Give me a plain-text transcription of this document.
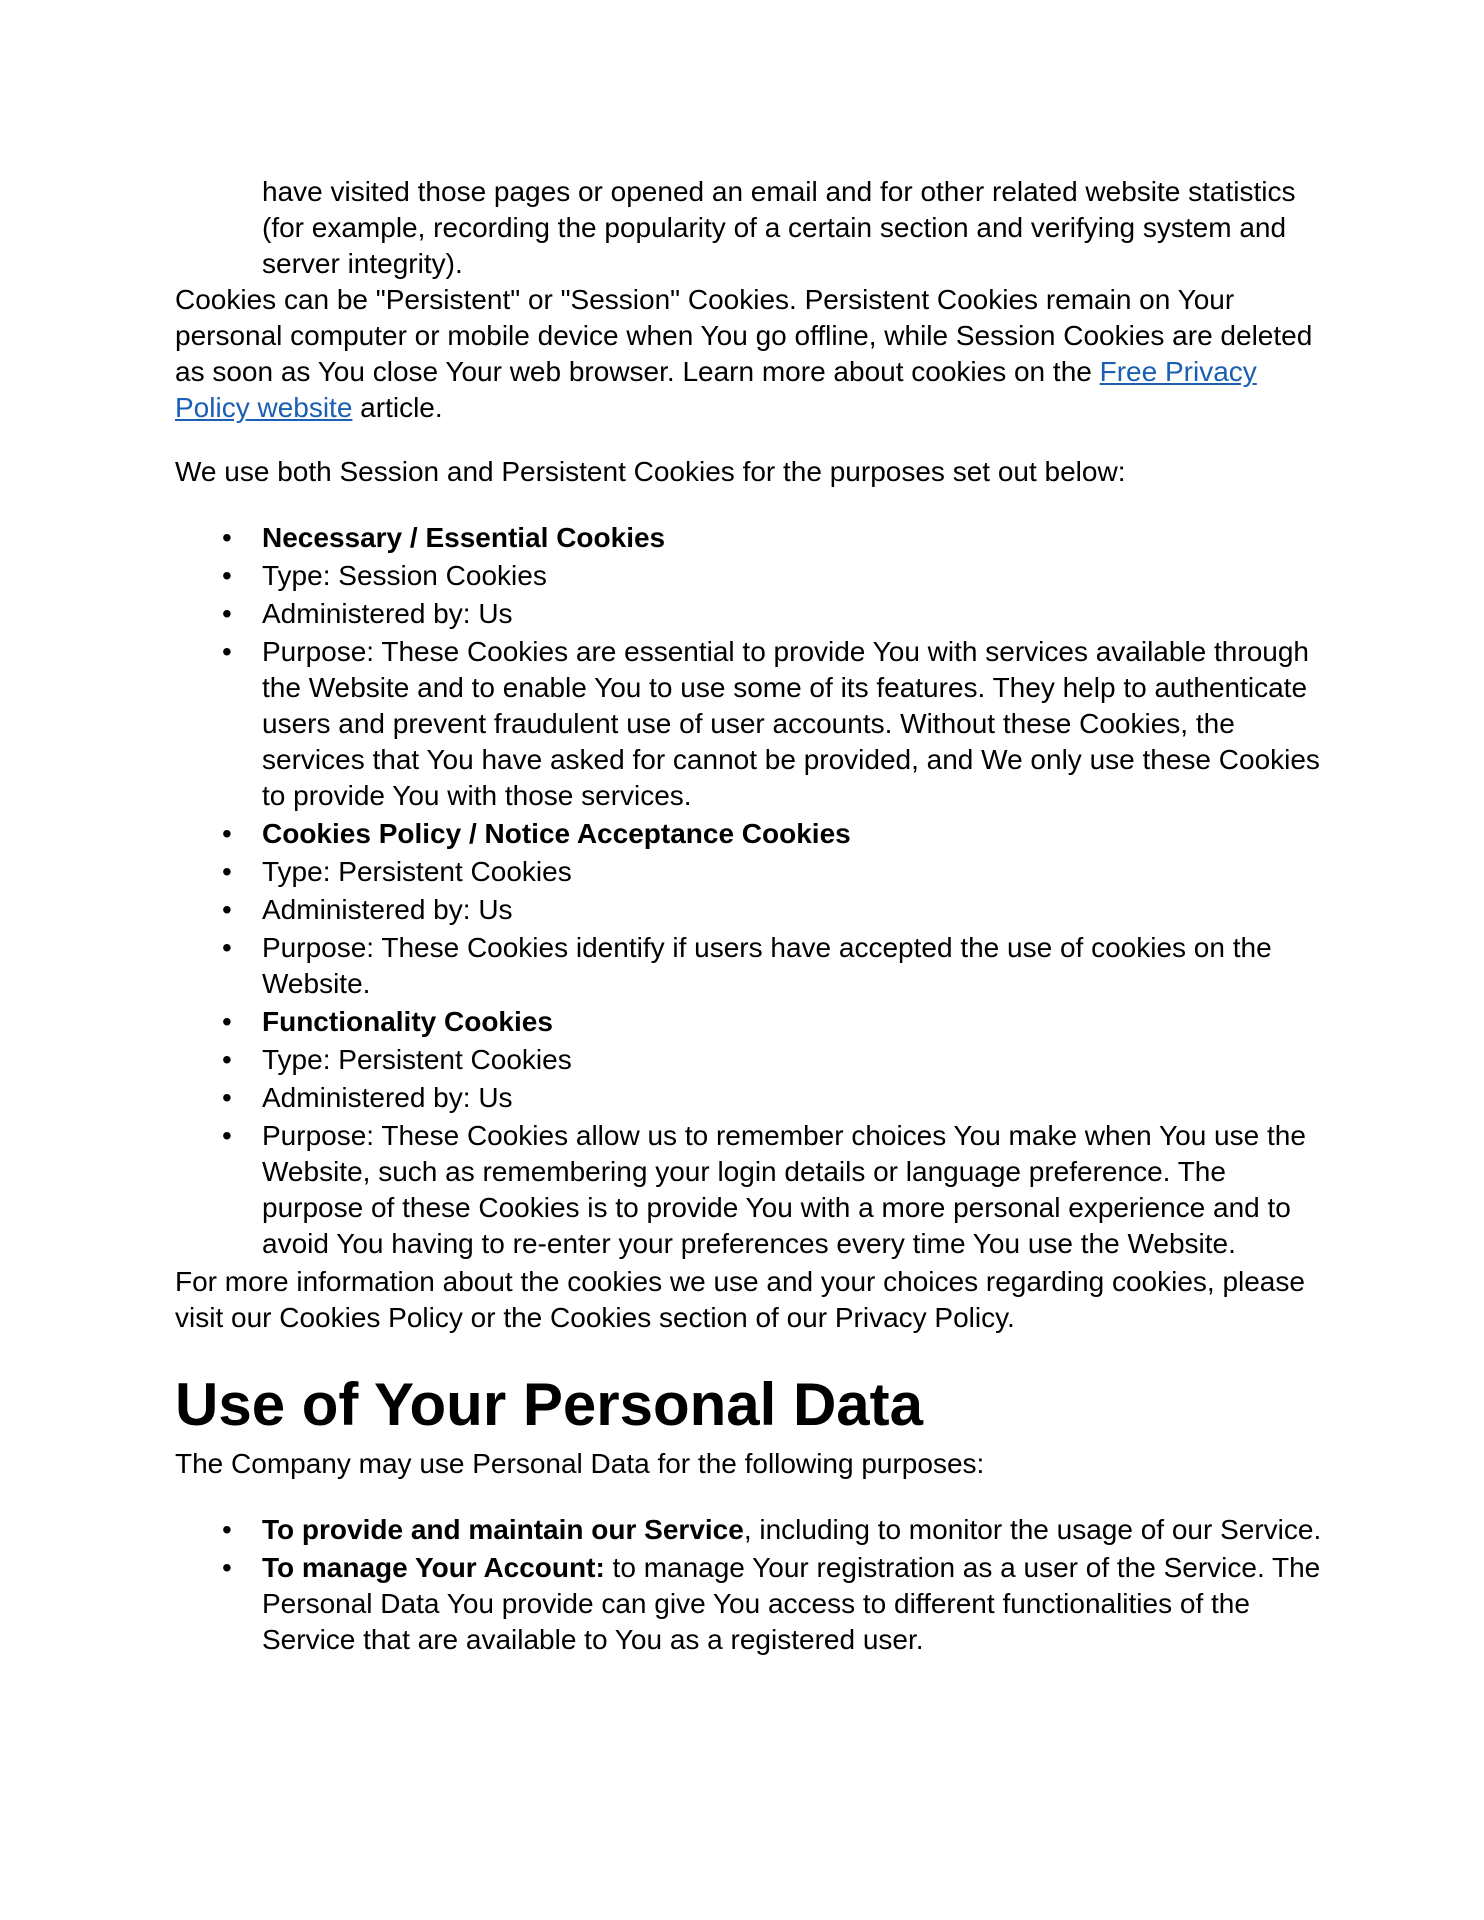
have visited those pages or opened an email and for other related website statistics (for example, recording the popularity of a certain section and verifying system and server integrity).

Cookies can be "Persistent" or "Session" Cookies. Persistent Cookies remain on Your personal computer or mobile device when You go offline, while Session Cookies are deleted as soon as You close Your web browser. Learn more about cookies on the Free Privacy Policy website article.

We use both Session and Persistent Cookies for the purposes set out below:

• Necessary / Essential Cookies
• Type: Session Cookies
• Administered by: Us
• Purpose: These Cookies are essential to provide You with services available through the Website and to enable You to use some of its features. They help to authenticate users and prevent fraudulent use of user accounts. Without these Cookies, the services that You have asked for cannot be provided, and We only use these Cookies to provide You with those services.
• Cookies Policy / Notice Acceptance Cookies
• Type: Persistent Cookies
• Administered by: Us
• Purpose: These Cookies identify if users have accepted the use of cookies on the Website.
• Functionality Cookies
• Type: Persistent Cookies
• Administered by: Us
• Purpose: These Cookies allow us to remember choices You make when You use the Website, such as remembering your login details or language preference. The purpose of these Cookies is to provide You with a more personal experience and to avoid You having to re-enter your preferences every time You use the Website.

For more information about the cookies we use and your choices regarding cookies, please visit our Cookies Policy or the Cookies section of our Privacy Policy.

Use of Your Personal Data

The Company may use Personal Data for the following purposes:

• To provide and maintain our Service, including to monitor the usage of our Service.
• To manage Your Account: to manage Your registration as a user of the Service. The Personal Data You provide can give You access to different functionalities of the Service that are available to You as a registered user.
